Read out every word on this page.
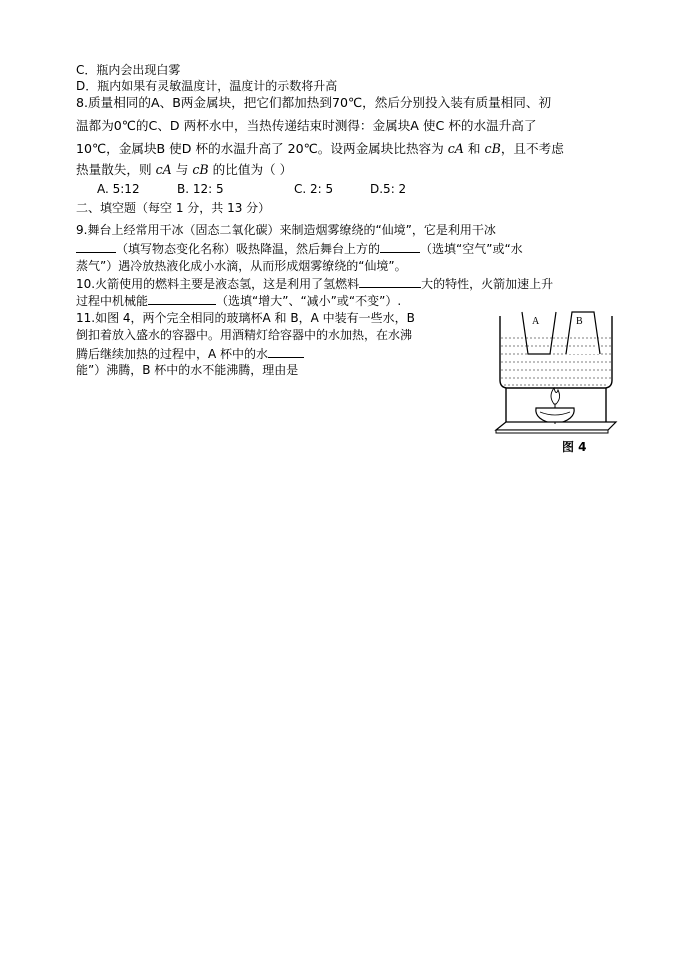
C．瓶内会出现白雾
D．瓶内如果有灵敏温度计，温度计的示数将升高
8.质量相同的A、B两金属块，把它们都加热到70℃，然后分别投入装有质量相同、初
温都为0℃的C、D 两杯水中，当热传递结束时测得：金属块A 使C 杯的水温升高了
10℃，金属块B 使D 杯的水温升高了 20℃。设两金属块比热容为 cA 和 cB，且不考虑
热量散失，则 cA 与 cB 的比值为（ ）
A. 5:12	B. 12: 5	C. 2: 5	D.5: 2
二、填空题（每空 1 分，共 13 分）
9.舞台上经常用干冰（固态二氧化碳）来制造烟雾缭绕的“仙境”，它是利用干冰
（填写物态变化名称）吸热降温，然后舞台上方的	（选填“空气”或“水
蒸气”）遇冷放热液化成小水滴，从而形成烟雾缭绕的“仙境”。
10.火箭使用的燃料主要是液态氢，这是利用了氢燃料	大的特性，火箭加速上升
过程中机械能	（选填“增大”、“减小”或“不变”）.
11.如图 4，两个完全相同的玻璃杯A 和 B，A 中装有一些水，B
倒扣着放入盛水的容器中。用酒精灯给容器中的水加热，在水沸
腾后继续加热的过程中，A 杯中的水
能”）沸腾，B 杯中的水不能沸腾，理由是
A	B
图 4
